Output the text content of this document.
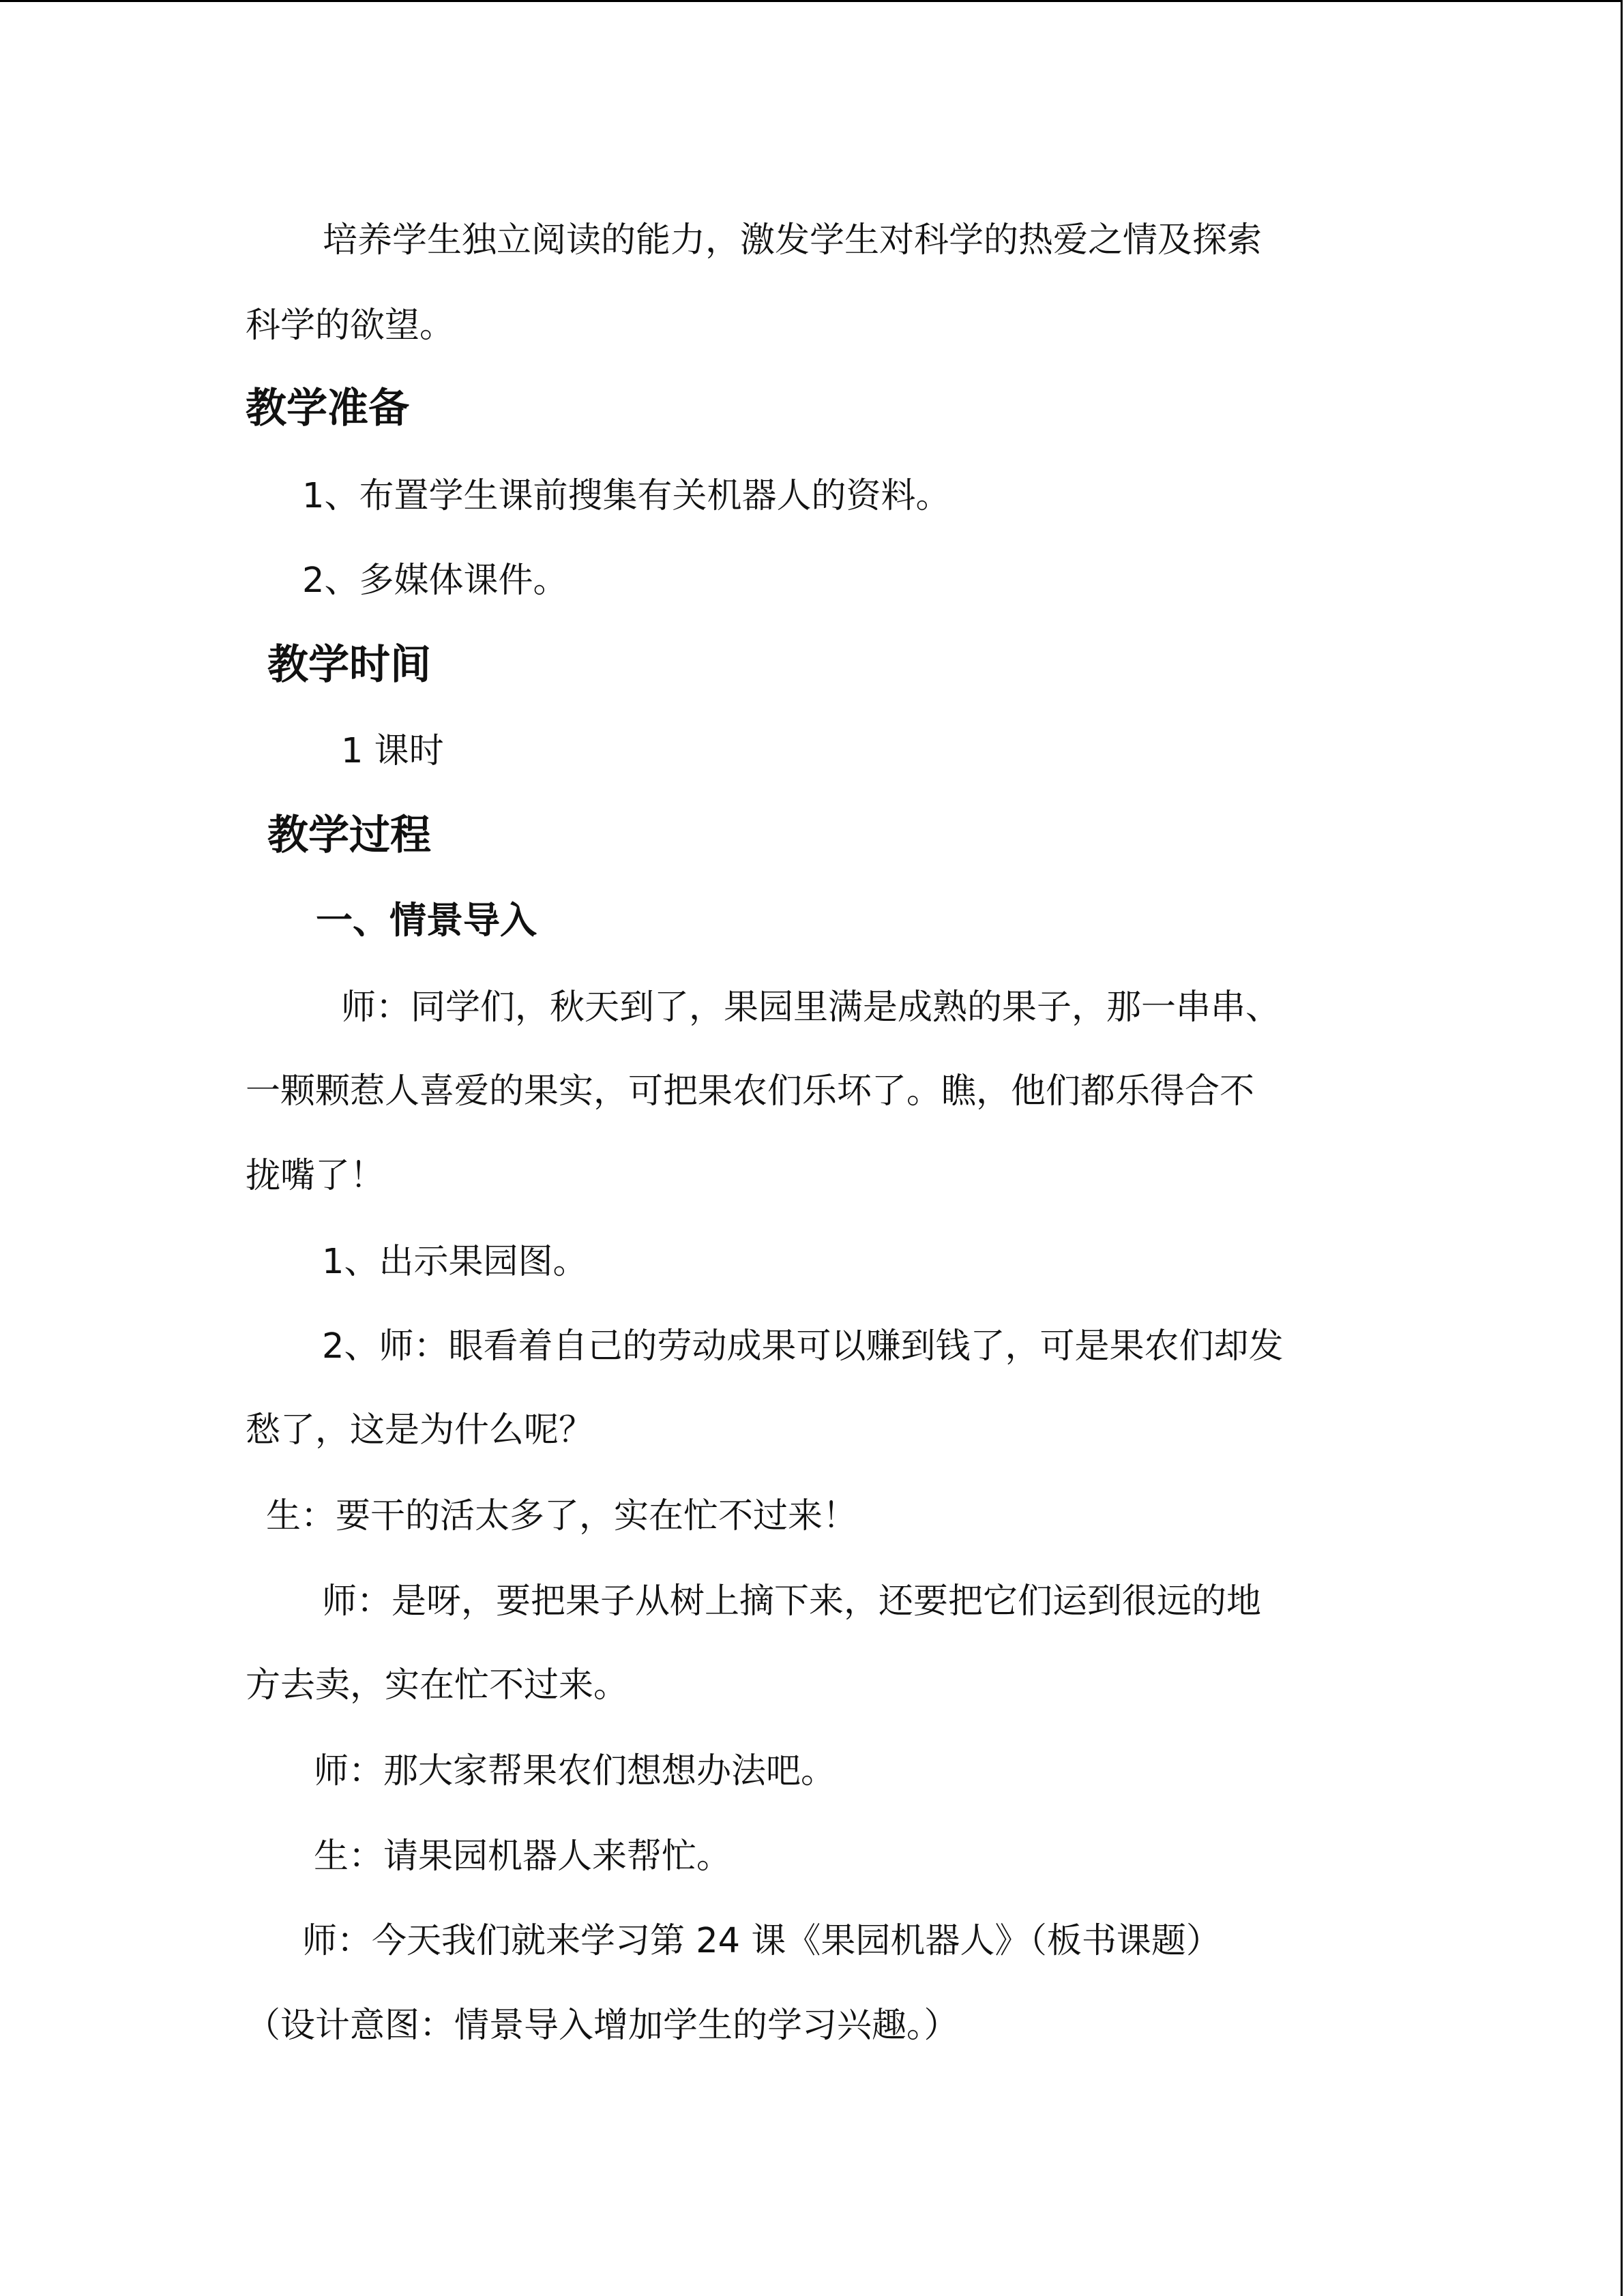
培养学生独立阅读的能力，激发学生对科学的热爱之情及探索

科学的欲望。

教学准备

1、布置学生课前搜集有关机器人的资料。

2、多媒体课件。

教学时间

1 课时

教学过程
一、情景导入

师：同学们，秋天到了，果园里满是成熟的果子，那一串串、

一颗颗惹人喜爱的果实，可把果农们乐坏了。瞧，他们都乐得合不

拢嘴了！

1、出示果园图。

2、师：眼看着自己的劳动成果可以赚到钱了，可是果农们却发

愁了，这是为什么呢？

生：要干的活太多了，实在忙不过来！

师：是呀，要把果子从树上摘下来，还要把它们运到很远的地

方去卖，实在忙不过来。

师：那大家帮果农们想想办法吧。

生：请果园机器人来帮忙。

师：今天我们就来学习第 24 课《果园机器人》（板书课题）

（设计意图：情景导入增加学生的学习兴趣。）
